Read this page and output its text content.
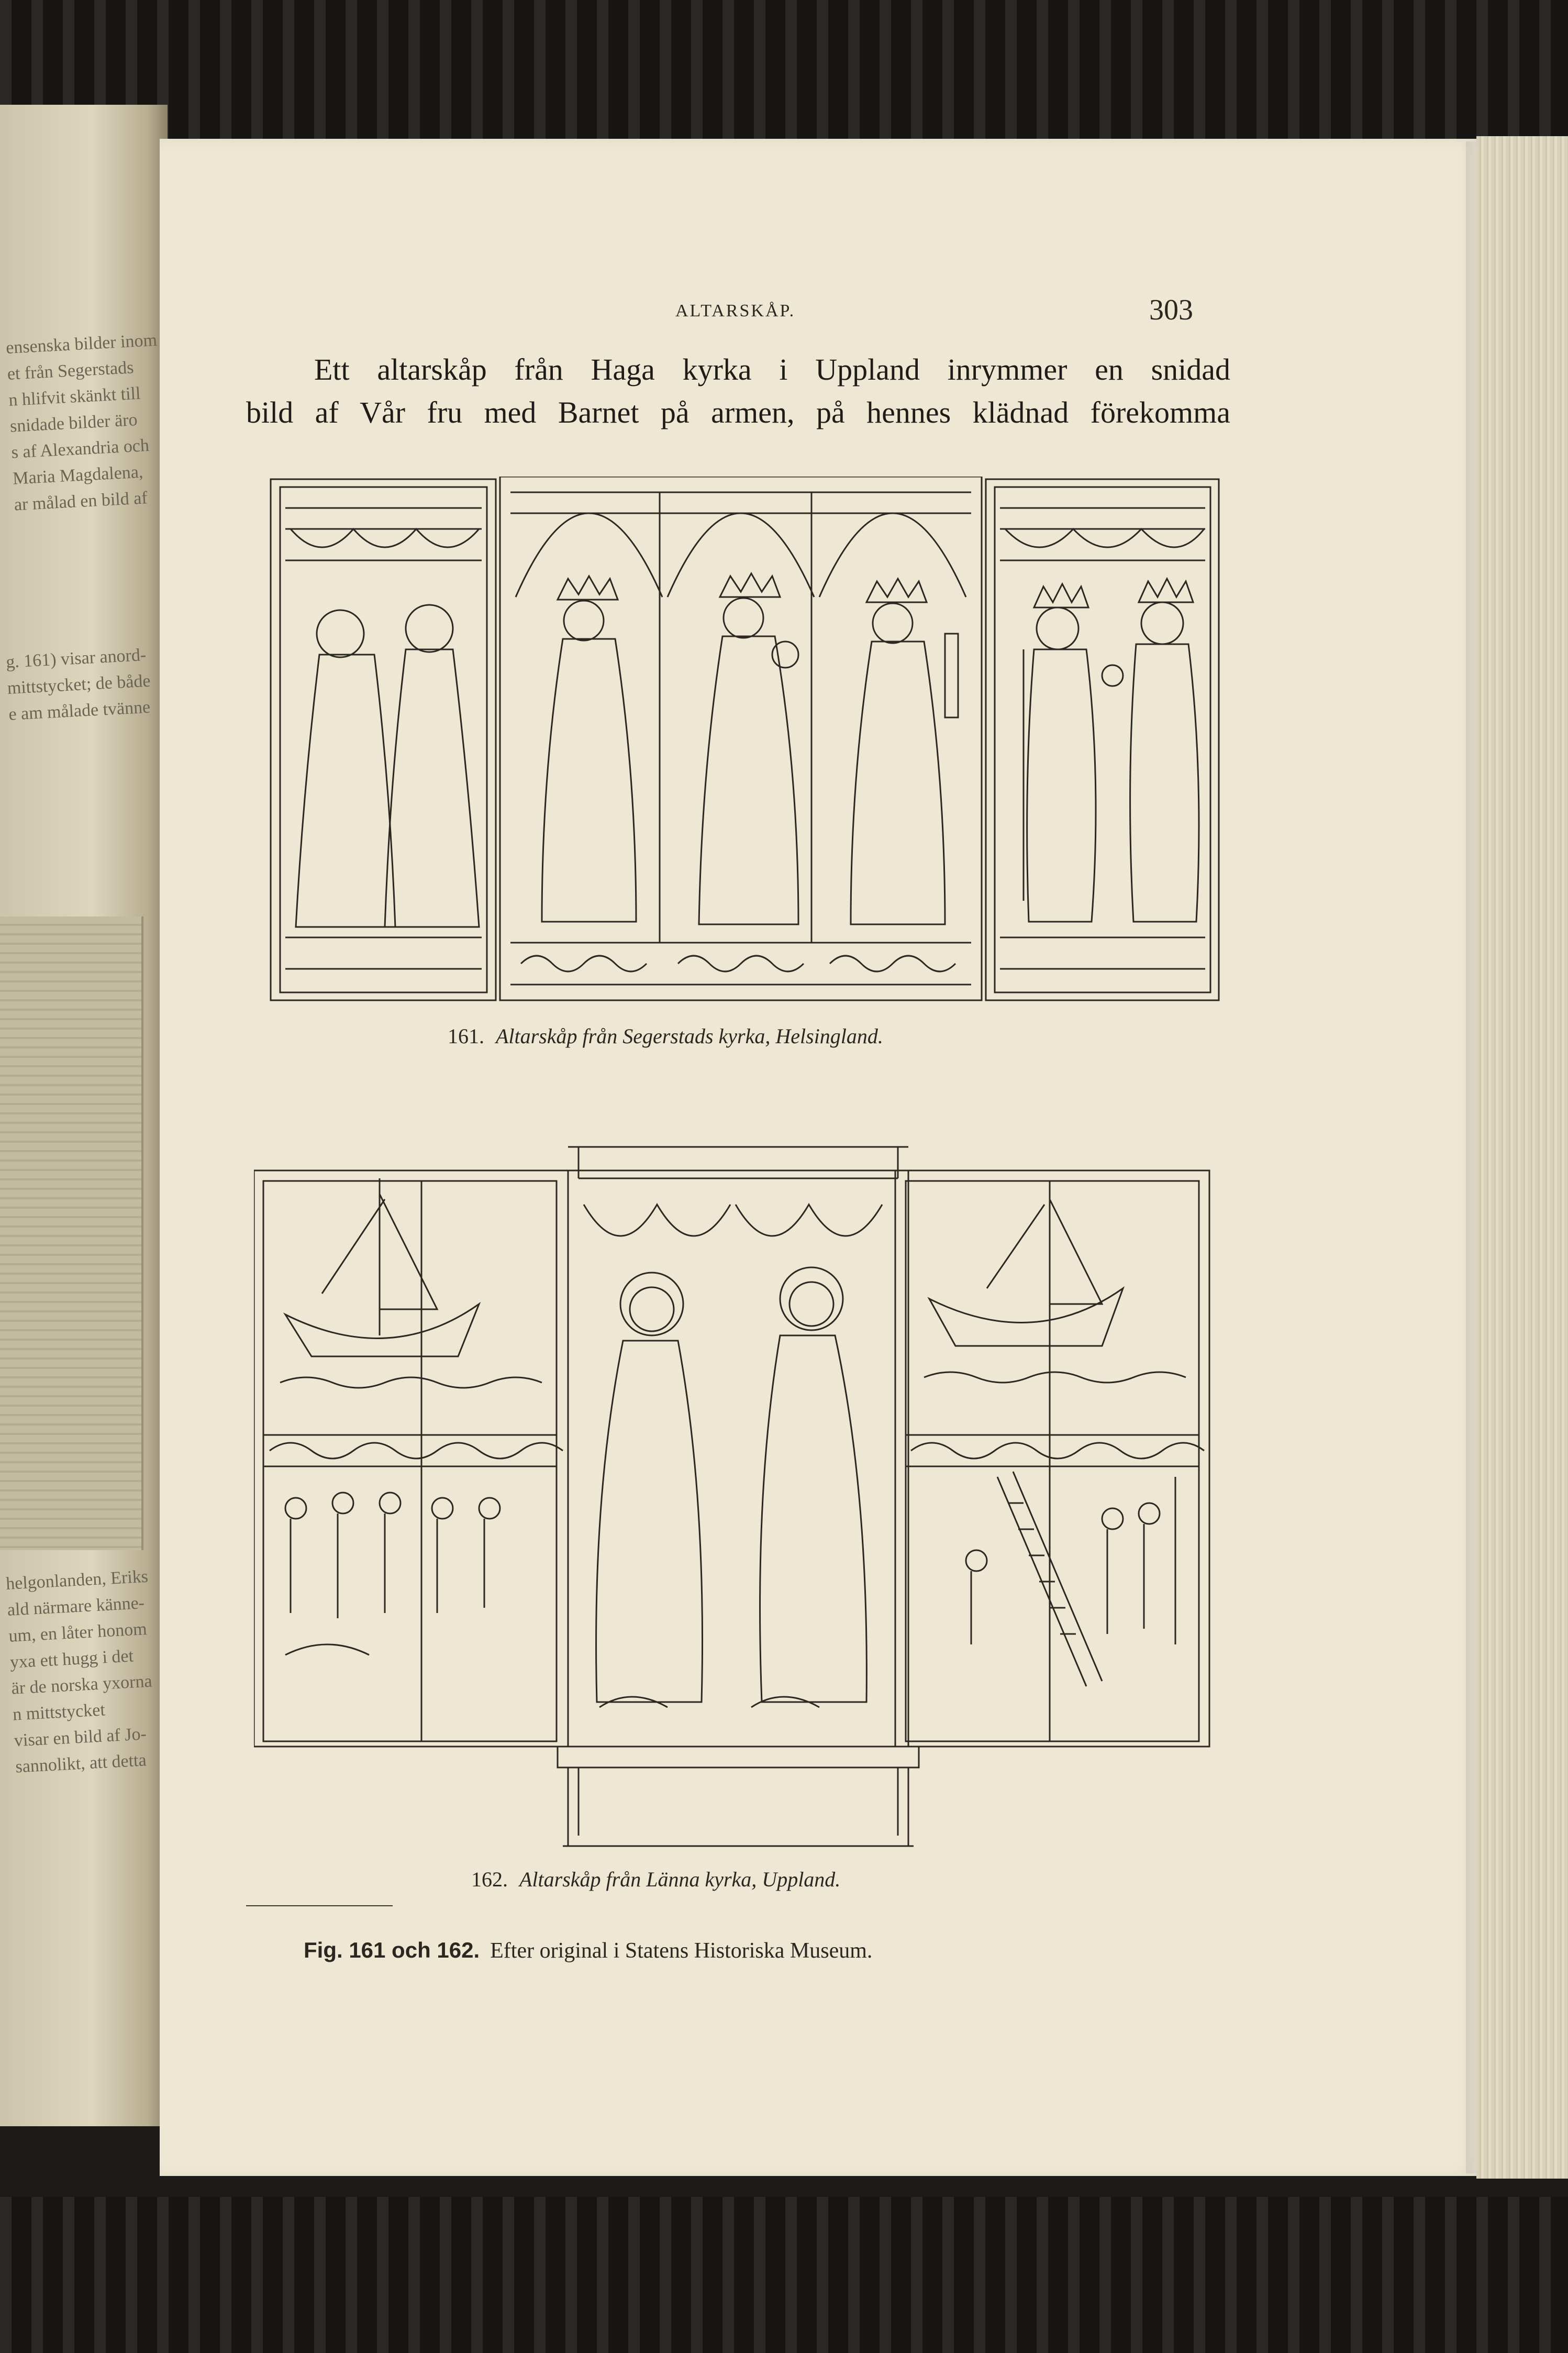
ensenska bilder inom
et från Segerstads
n hlifvit skänkt till
snidade bilder äro
s af Alexandria och
Maria Magdalena,
ar målad en bild af
g. 161) visar anord-
mittstycket; de både
e am målade tvänne
helgonlanden, Eriks
ald närmare känne-
um, en låter honom
yxa ett hugg i det
är de norska yxorna
n mittstycket
visar en bild af Jo-
sannolikt, att detta
ALTARSKÅP.	303
Ett altarskåp från Haga kyrka i Uppland inrymmer en snidad
bild af Vår fru med Barnet på armen, på hennes klädnad förekomma
161. Altarskåp från Segerstads kyrka, Helsingland.
162. Altarskåp från Länna kyrka, Uppland.
Fig. 161 och 162. Efter original i Statens Historiska Museum.
